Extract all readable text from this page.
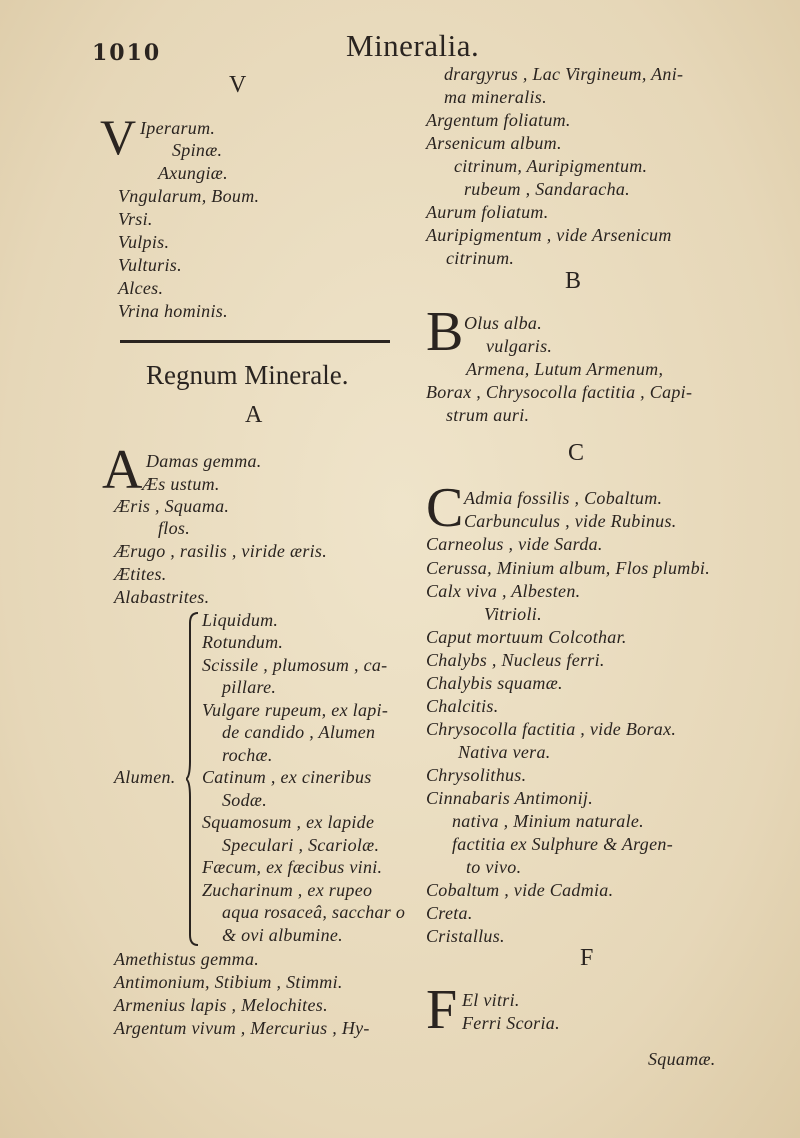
1010	Mineralia.
V
V Iperarum.
Spinæ.
Axungiæ.
Vngularum, Boum.
Vrsi.
Vulpis.
Vulturis.
Alces.
Vrina hominis.
Regnum Minerale.
A
A Damas gemma.
Æs ustum.
Æris , Squama.
flos.
Ærugo , rasilis , viride æris.
Ætites.
Alabastrites.
Alumen.
Liquidum.
Rotundum.
Scissile , plumosum , ca-
pillare.
Vulgare rupeum, ex lapi-
de candido , Alumen
rochæ.
Catinum , ex cineribus
Sodæ.
Squamosum , ex lapide
Speculari , Scariolæ.
Fæcum, ex fæcibus vini.
Zucharinum , ex rupeo
aqua rosaceâ, sacchar o
& ovi albumine.
Amethistus gemma.
Antimonium, Stibium , Stimmi.
Armenius lapis , Melochites.
Argentum vivum , Mercurius , Hy-
drargyrus , Lac Virgineum, Ani-
ma mineralis.
Argentum foliatum.
Arsenicum album.
citrinum, Auripigmentum.
rubeum , Sandaracha.
Aurum foliatum.
Auripigmentum , vide Arsenicum
citrinum.
B
B Olus alba.
vulgaris.
Armena, Lutum Armenum,
Borax , Chrysocolla factitia , Capi-
strum auri.
C
C Admia fossilis , Cobaltum.
Carbunculus , vide Rubinus.
Carneolus , vide Sarda.
Cerussa, Minium album, Flos plumbi.
Calx viva , Albesten.
Vitrioli.
Caput mortuum Colcothar.
Chalybs , Nucleus ferri.
Chalybis squamæ.
Chalcitis.
Chrysocolla factitia , vide Borax.
Nativa vera.
Chrysolithus.
Cinnabaris Antimonij.
nativa , Minium naturale.
factitia ex Sulphure & Argen-
to vivo.
Cobaltum , vide Cadmia.
Creta.
Cristallus.
F
F El vitri.
Ferri Scoria.
Squamæ.
